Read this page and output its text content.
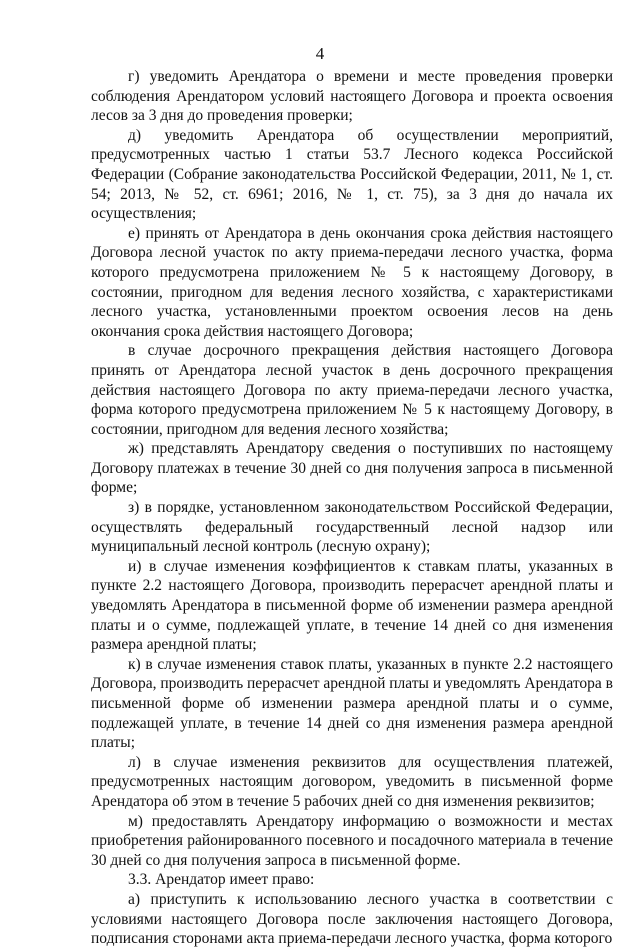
4

г) уведомить Арендатора о времени и месте проведения проверки соблюдения Арендатором условий настоящего Договора и проекта освоения лесов за 3 дня до проведения проверки;

д) уведомить Арендатора об осуществлении мероприятий, предусмотренных частью 1 статьи 53.7 Лесного кодекса Российской Федерации (Собрание законодательства Российской Федерации, 2011, № 1, ст. 54; 2013, № 52, ст. 6961; 2016, № 1, ст. 75), за 3 дня до начала их осуществления;

е) принять от Арендатора в день окончания срока действия настоящего Договора лесной участок по акту приема-передачи лесного участка, форма которого предусмотрена приложением № 5 к настоящему Договору, в состоянии, пригодном для ведения лесного хозяйства, с характеристиками лесного участка, установленными проектом освоения лесов на день окончания срока действия настоящего Договора;

в случае досрочного прекращения действия настоящего Договора принять от Арендатора лесной участок в день досрочного прекращения действия настоящего Договора по акту приема-передачи лесного участка, форма которого предусмотрена приложением № 5 к настоящему Договору, в состоянии, пригодном для ведения лесного хозяйства;

ж) представлять Арендатору сведения о поступивших по настоящему Договору платежах в течение 30 дней со дня получения запроса в письменной форме;

з) в порядке, установленном законодательством Российской Федерации, осуществлять федеральный государственный лесной надзор или муниципальный лесной контроль (лесную охрану);

и) в случае изменения коэффициентов к ставкам платы, указанных в пункте 2.2 настоящего Договора, производить перерасчет арендной платы и уведомлять Арендатора в письменной форме об изменении размера арендной платы и о сумме, подлежащей уплате, в течение 14 дней со дня изменения размера арендной платы;

к) в случае изменения ставок платы, указанных в пункте 2.2 настоящего Договора, производить перерасчет арендной платы и уведомлять Арендатора в письменной форме об изменении размера арендной платы и о сумме, подлежащей уплате, в течение 14 дней со дня изменения размера арендной платы;

л) в случае изменения реквизитов для осуществления платежей, предусмотренных настоящим договором, уведомить в письменной форме Арендатора об этом в течение 5 рабочих дней со дня изменения реквизитов;

м) предоставлять Арендатору информацию о возможности и местах приобретения районированного посевного и посадочного материала в течение 30 дней со дня получения запроса в письменной форме.

3.3. Арендатор имеет право:

а) приступить к использованию лесного участка в соответствии с условиями настоящего Договора после заключения настоящего Договора, подписания сторонами акта приема-передачи лесного участка, форма которого
